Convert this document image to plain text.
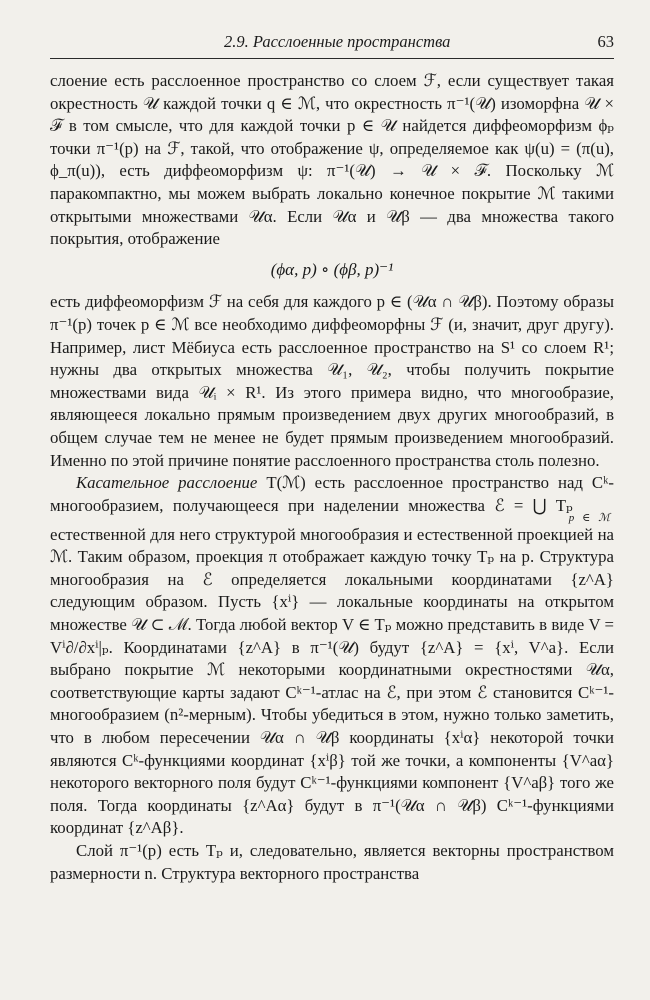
2.9. Расслоенные пространства	63

слоение есть расслоенное пространство со слоем ℱ, если существует такая окрестность 𝒰 каждой точки q ∈ ℳ, что окрестность π⁻¹(𝒰) изоморфна 𝒰 × ℱ в том смысле, что для каждой точки p ∈ 𝒰 найдется диффеоморфизм ϕₚ точки π⁻¹(p) на ℱ, такой, что отображение ψ, определяемое как ψ(u) = (π(u), ϕ_π(u)), есть диффеоморфизм ψ: π⁻¹(𝒰) → 𝒰 × ℱ. Поскольку ℳ паракомпактно, мы можем выбрать локально конечное покрытие ℳ такими открытыми множествами 𝒰α. Если 𝒰α и 𝒰β — два множества такого покрытия, отображение

(ϕα, p) ∘ (ϕβ, p)⁻¹

есть диффеоморфизм ℱ на себя для каждого p ∈ (𝒰α ∩ 𝒰β). Поэтому образы π⁻¹(p) точек p ∈ ℳ все необходимо диффеоморфны ℱ (и, значит, друг другу). Например, лист Мёбиуса есть расслоенное пространство на S¹ со слоем R¹; нужны два открытых множества 𝒰₁, 𝒰₂, чтобы получить покрытие множествами вида 𝒰ᵢ × R¹. Из этого примера видно, что многообразие, являющееся локально прямым произведением двух других многообразий, в общем случае тем не менее не будет прямым произведением многообразий. Именно по этой причине понятие расслоенного пространства столь полезно.

Касательное расслоение T(ℳ) есть расслоенное пространство над Cᵏ-многообразием, получающееся при наделении множества ℰ = ⋃ Tₚ$_{p \in ℳ}$ естественной для него структурой многообразия и естественной проекцией на ℳ. Таким образом, проекция π отображает каждую точку Tₚ на p. Структура многообразия на ℰ определяется локальными координатами {z^A} следующим образом. Пусть {xⁱ} — локальные координаты на открытом множестве 𝒰 ⊂ ℳ. Тогда любой вектор V ∈ Tₚ можно представить в виде V = Vⁱ∂/∂xⁱ|ₚ. Координатами {z^A} в π⁻¹(𝒰) будут {z^A} = {xⁱ, V^a}. Если выбрано покрытие ℳ некоторыми координатными окрестностями 𝒰α, соответствующие карты задают Cᵏ⁻¹-атлас на ℰ, при этом ℰ становится Cᵏ⁻¹-многообразием (n²-мерным). Чтобы убедиться в этом, нужно только заметить, что в любом пересечении 𝒰α ∩ 𝒰β координаты {xⁱα} некоторой точки являются Cᵏ-функциями координат {xⁱβ} той же точки, а компоненты {V^aα} некоторого векторного поля будут Cᵏ⁻¹-функциями компонент {V^aβ} того же поля. Тогда координаты {z^Aα} будут в π⁻¹(𝒰α ∩ 𝒰β) Cᵏ⁻¹-функциями координат {z^Aβ}.

Слой π⁻¹(p) есть Tₚ и, следовательно, является векторны пространством размерности n. Структура векторного пространства
